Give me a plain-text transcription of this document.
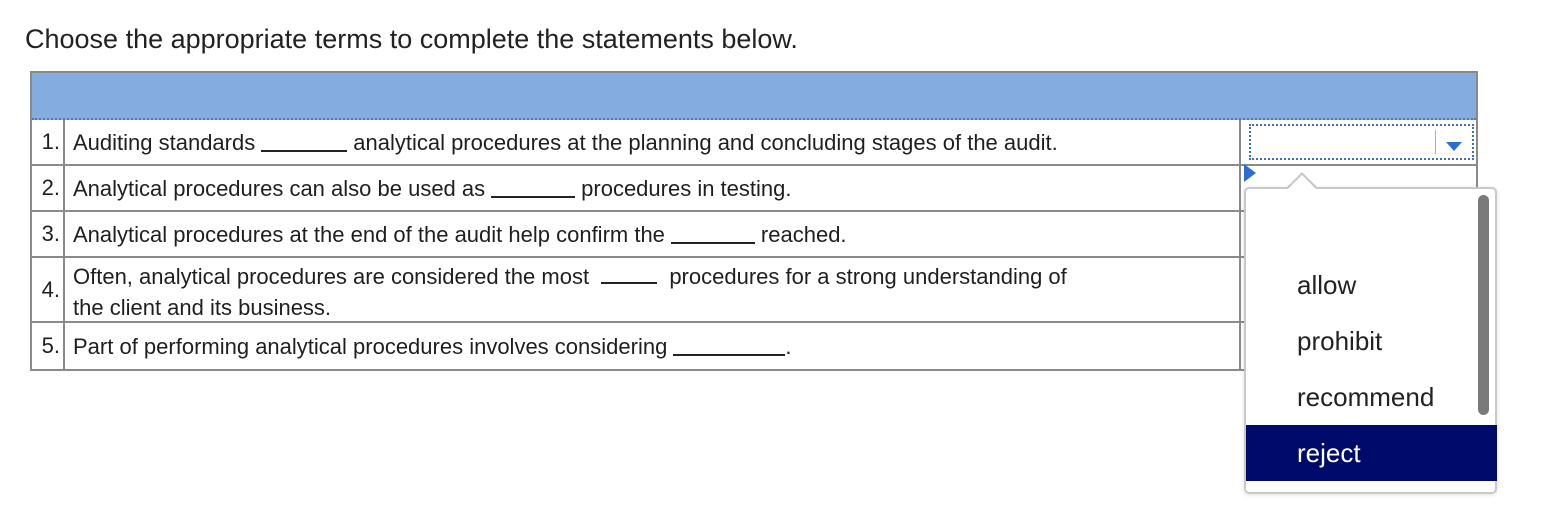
Choose the appropriate terms to complete the statements below.
1. Auditing standards	analytical procedures at the planning and concluding stages of the audit.
2. Analytical procedures can also be used as	procedures in testing.
3. Analytical procedures at the end of the audit help confirm the	reached.
4. Often, analytical procedures are considered the most	procedures for a strong understanding of
the client and its business.
5. Part of performing analytical procedures involves considering	.
allow
prohibit
recommend
reject
